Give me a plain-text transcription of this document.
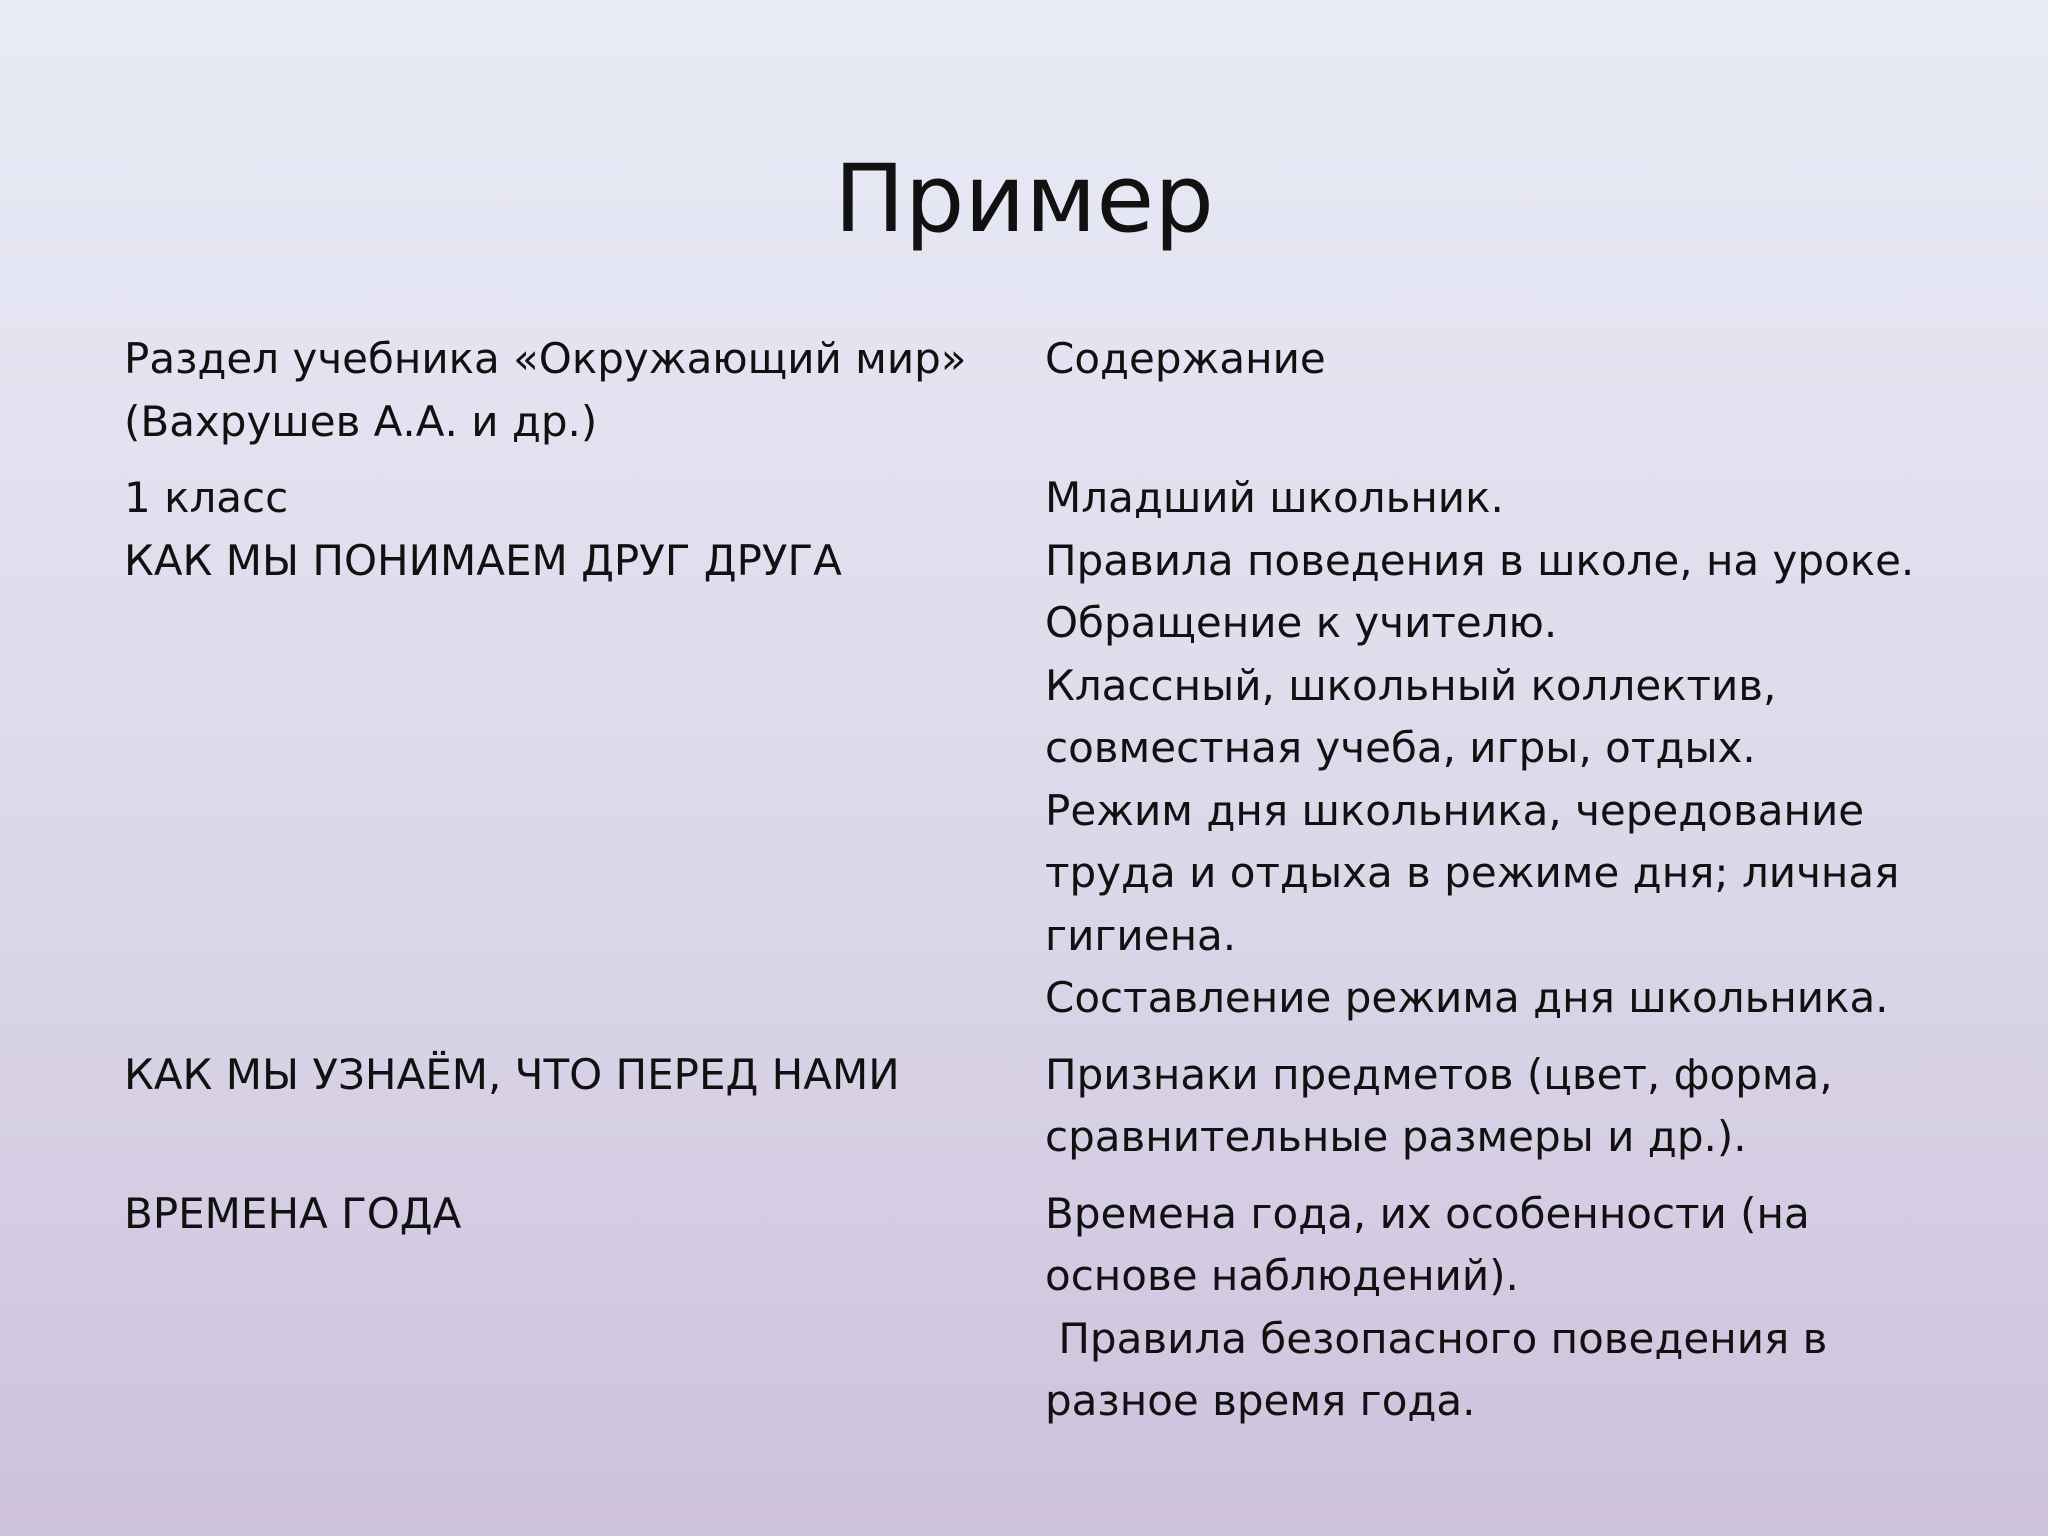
Пример
Раздел учебника «Окружающий мир»
(Вахрушев А.А. и др.)
Содержание
1 класс
КАК МЫ ПОНИМАЕМ ДРУГ ДРУГА
Младший школьник.
Правила поведения в школе, на уроке.
Обращение к учителю.
Классный, школьный коллектив,
совместная учеба, игры, отдых.
Режим дня школьника, чередование
труда и отдыха в режиме дня; личная
гигиена.
Составление режима дня школьника.
КАК МЫ УЗНАЁМ, ЧТО ПЕРЕД НАМИ	Признаки предметов (цвет, форма,
сравнительные размеры и др.).
ВРЕМЕНА ГОДА	Времена года, их особенности (на
основе наблюдений).
Правила безопасного поведения в
разное время года.
